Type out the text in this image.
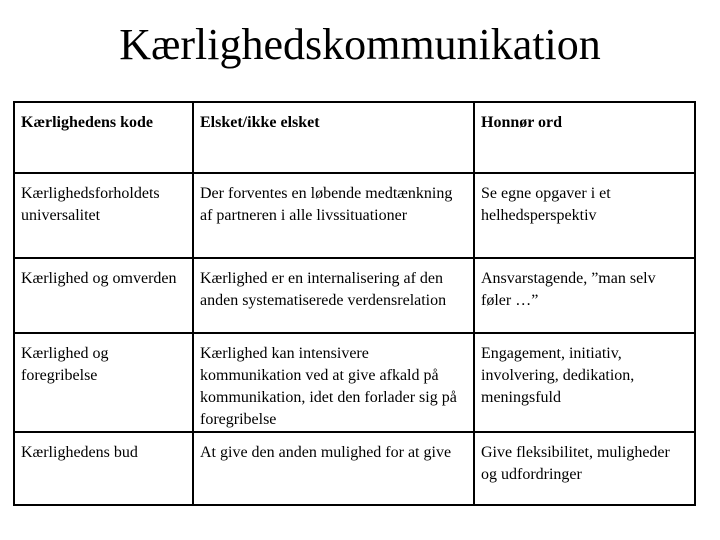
Kærlighedskommunikation
Kærlighedens kode	Elsket/ikke elsket	Honnør ord
Kærlighedsforholdets universalitet	Der forventes en løbende medtænkning af partneren i alle livssituationer	Se egne opgaver i et helhedsperspektiv
Kærlighed og omverden	Kærlighed er en internalisering af den anden systematiserede verdensrelation	Ansvarstagende, ”man selv føler …”
Kærlighed og foregribelse	Kærlighed kan intensivere kommunikation ved at give afkald på kommunikation, idet den forlader sig på foregribelse	Engagement, initiativ, involvering, dedikation, meningsfuld
Kærlighedens bud	At give den anden mulighed for at give	Give fleksibilitet, muligheder og udfordringer
